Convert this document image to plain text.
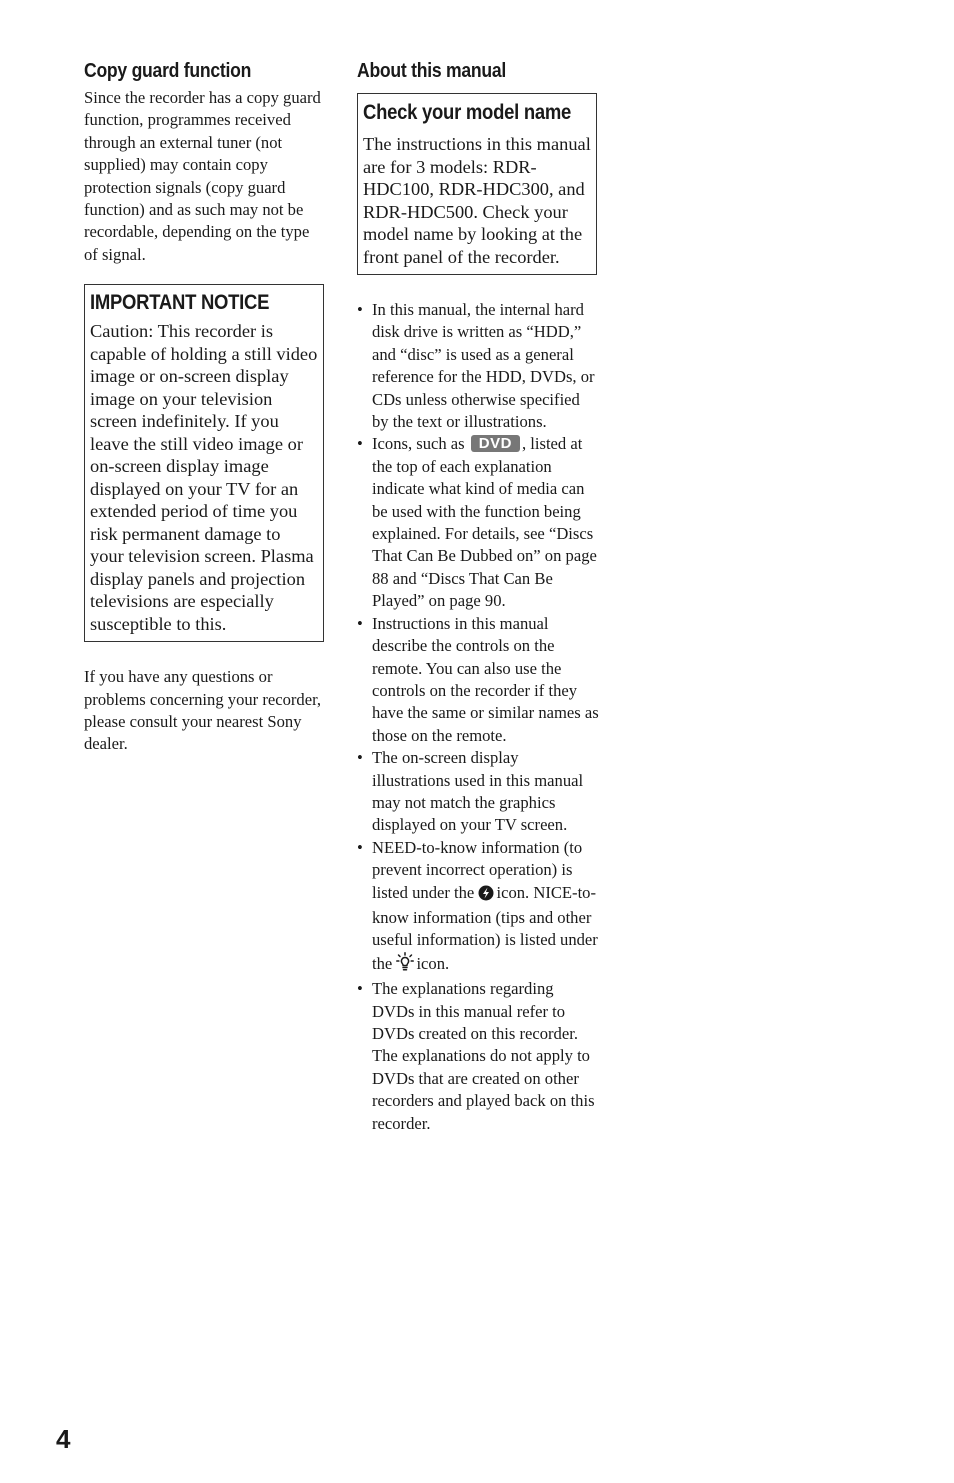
Copy guard function

Since the recorder has a copy guard function, programmes received through an external tuner (not supplied) may contain copy protection signals (copy guard function) and as such may not be recordable, depending on the type of signal.

IMPORTANT NOTICE

Caution: This recorder is capable of holding a still video image or on-screen display image on your television screen indefinitely. If you leave the still video image or on-screen display image displayed on your TV for an extended period of time you risk permanent damage to your television screen. Plasma display panels and projection televisions are especially susceptible to this.

If you have any questions or problems concerning your recorder, please consult your nearest Sony dealer.

About this manual
Check your model name

The instructions in this manual are for 3 models: RDR-HDC100, RDR-HDC300, and RDR-HDC500. Check your model name by looking at the front panel of the recorder.

• In this manual, the internal hard disk drive is written as “HDD,” and “disc” is used as a general reference for the HDD, DVDs, or CDs unless otherwise specified by the text or illustrations.
• Icons, such as DVD , listed at the top of each explanation indicate what kind of media can be used with the function being explained. For details, see “Discs That Can Be Dubbed on” on page 88 and “Discs That Can Be Played” on page 90.
• Instructions in this manual describe the controls on the remote. You can also use the controls on the recorder if they have the same or similar names as those on the remote.
• The on-screen display illustrations used in this manual may not match the graphics displayed on your TV screen.
• NEED-to-know information (to prevent incorrect operation) is listed under the icon. NICE-to-know information (tips and other useful information) is listed under the icon.
• The explanations regarding DVDs in this manual refer to DVDs created on this recorder. The explanations do not apply to DVDs that are created on other recorders and played back on this recorder.

4
